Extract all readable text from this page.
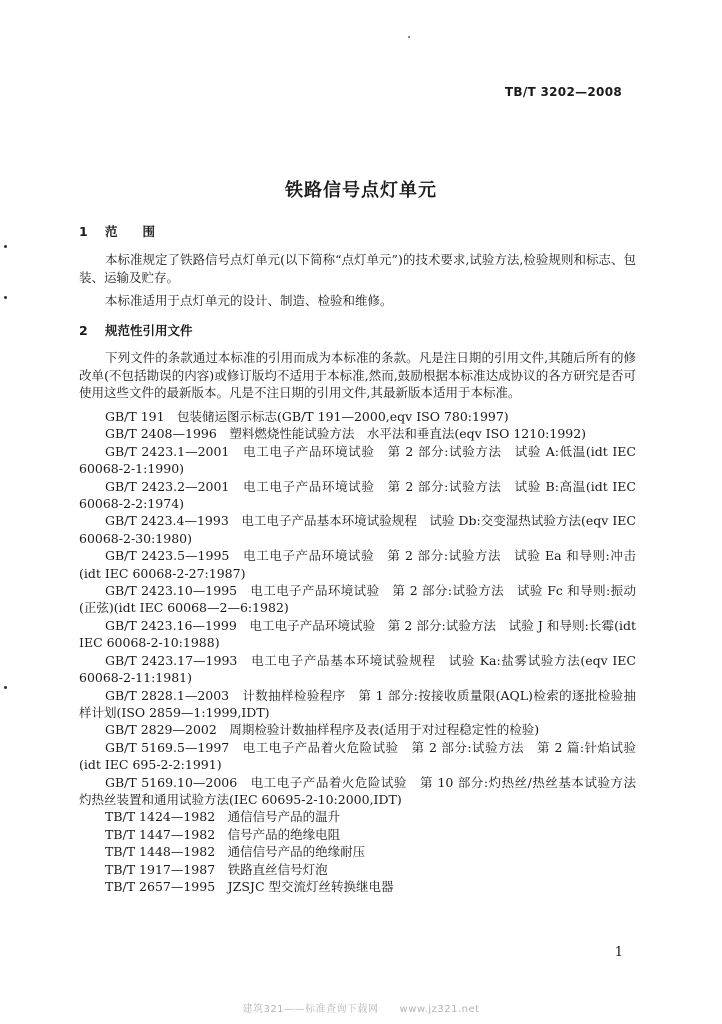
TB/T 3202—2008
铁路信号点灯单元
1 范　　围
本标准规定了铁路信号点灯单元(以下简称“点灯单元”)的技术要求,试验方法,检验规则和标志、包装、运输及贮存。
本标准适用于点灯单元的设计、制造、检验和维修。
2 规范性引用文件
下列文件的条款通过本标准的引用而成为本标准的条款。凡是注日期的引用文件,其随后所有的修改单(不包括勘误的内容)或修订版均不适用于本标准,然而,鼓励根据本标准达成协议的各方研究是否可使用这些文件的最新版本。凡是不注日期的引用文件,其最新版本适用于本标准。
GB/T 191　包装储运图示标志(GB/T 191—2000,eqv ISO 780:1997)
GB/T 2408—1996　塑料燃烧性能试验方法　水平法和垂直法(eqv ISO 1210:1992)
GB/T 2423.1—2001　电工电子产品环境试验　第 2 部分:试验方法　试验 A:低温(idt IEC 60068-2-1:1990)
GB/T 2423.2—2001　电工电子产品环境试验　第 2 部分:试验方法　试验 B:高温(idt IEC 60068-2-2:1974)
GB/T 2423.4—1993　电工电子产品基本环境试验规程　试验 Db:交变湿热试验方法(eqv IEC 60068-2-30:1980)
GB/T 2423.5—1995　电工电子产品环境试验　第 2 部分:试验方法　试验 Ea 和导则:冲击(idt IEC 60068-2-27:1987)
GB/T 2423.10—1995　电工电子产品环境试验　第 2 部分:试验方法　试验 Fc 和导则:振动(正弦)(idt IEC 60068—2—6:1982)
GB/T 2423.16—1999　电工电子产品环境试验　第 2 部分:试验方法　试验 J 和导则:长霉(idt IEC 60068-2-10:1988)
GB/T 2423.17—1993　电工电子产品基本环境试验规程　试验 Ka:盐雾试验方法(eqv IEC 60068-2-11:1981)
GB/T 2828.1—2003　计数抽样检验程序　第 1 部分:按接收质量限(AQL)检索的逐批检验抽样计划(ISO 2859—1:1999,IDT)
GB/T 2829—2002　周期检验计数抽样程序及表(适用于对过程稳定性的检验)
GB/T 5169.5—1997　电工电子产品着火危险试验　第 2 部分:试验方法　第 2 篇:针焰试验(idt IEC 695-2-2:1991)
GB/T 5169.10—2006　电工电子产品着火危险试验　第 10 部分:灼热丝/热丝基本试验方法　灼热丝装置和通用试验方法(IEC 60695-2-10:2000,IDT)
TB/T 1424—1982　通信信号产品的温升
TB/T 1447—1982　信号产品的绝缘电阻
TB/T 1448—1982　通信信号产品的绝缘耐压
TB/T 1917—1987　铁路直丝信号灯泡
TB/T 2657—1995　JZSJC 型交流灯丝转换继电器
1
建筑321——标准查询下载网　　www.jz321.net
